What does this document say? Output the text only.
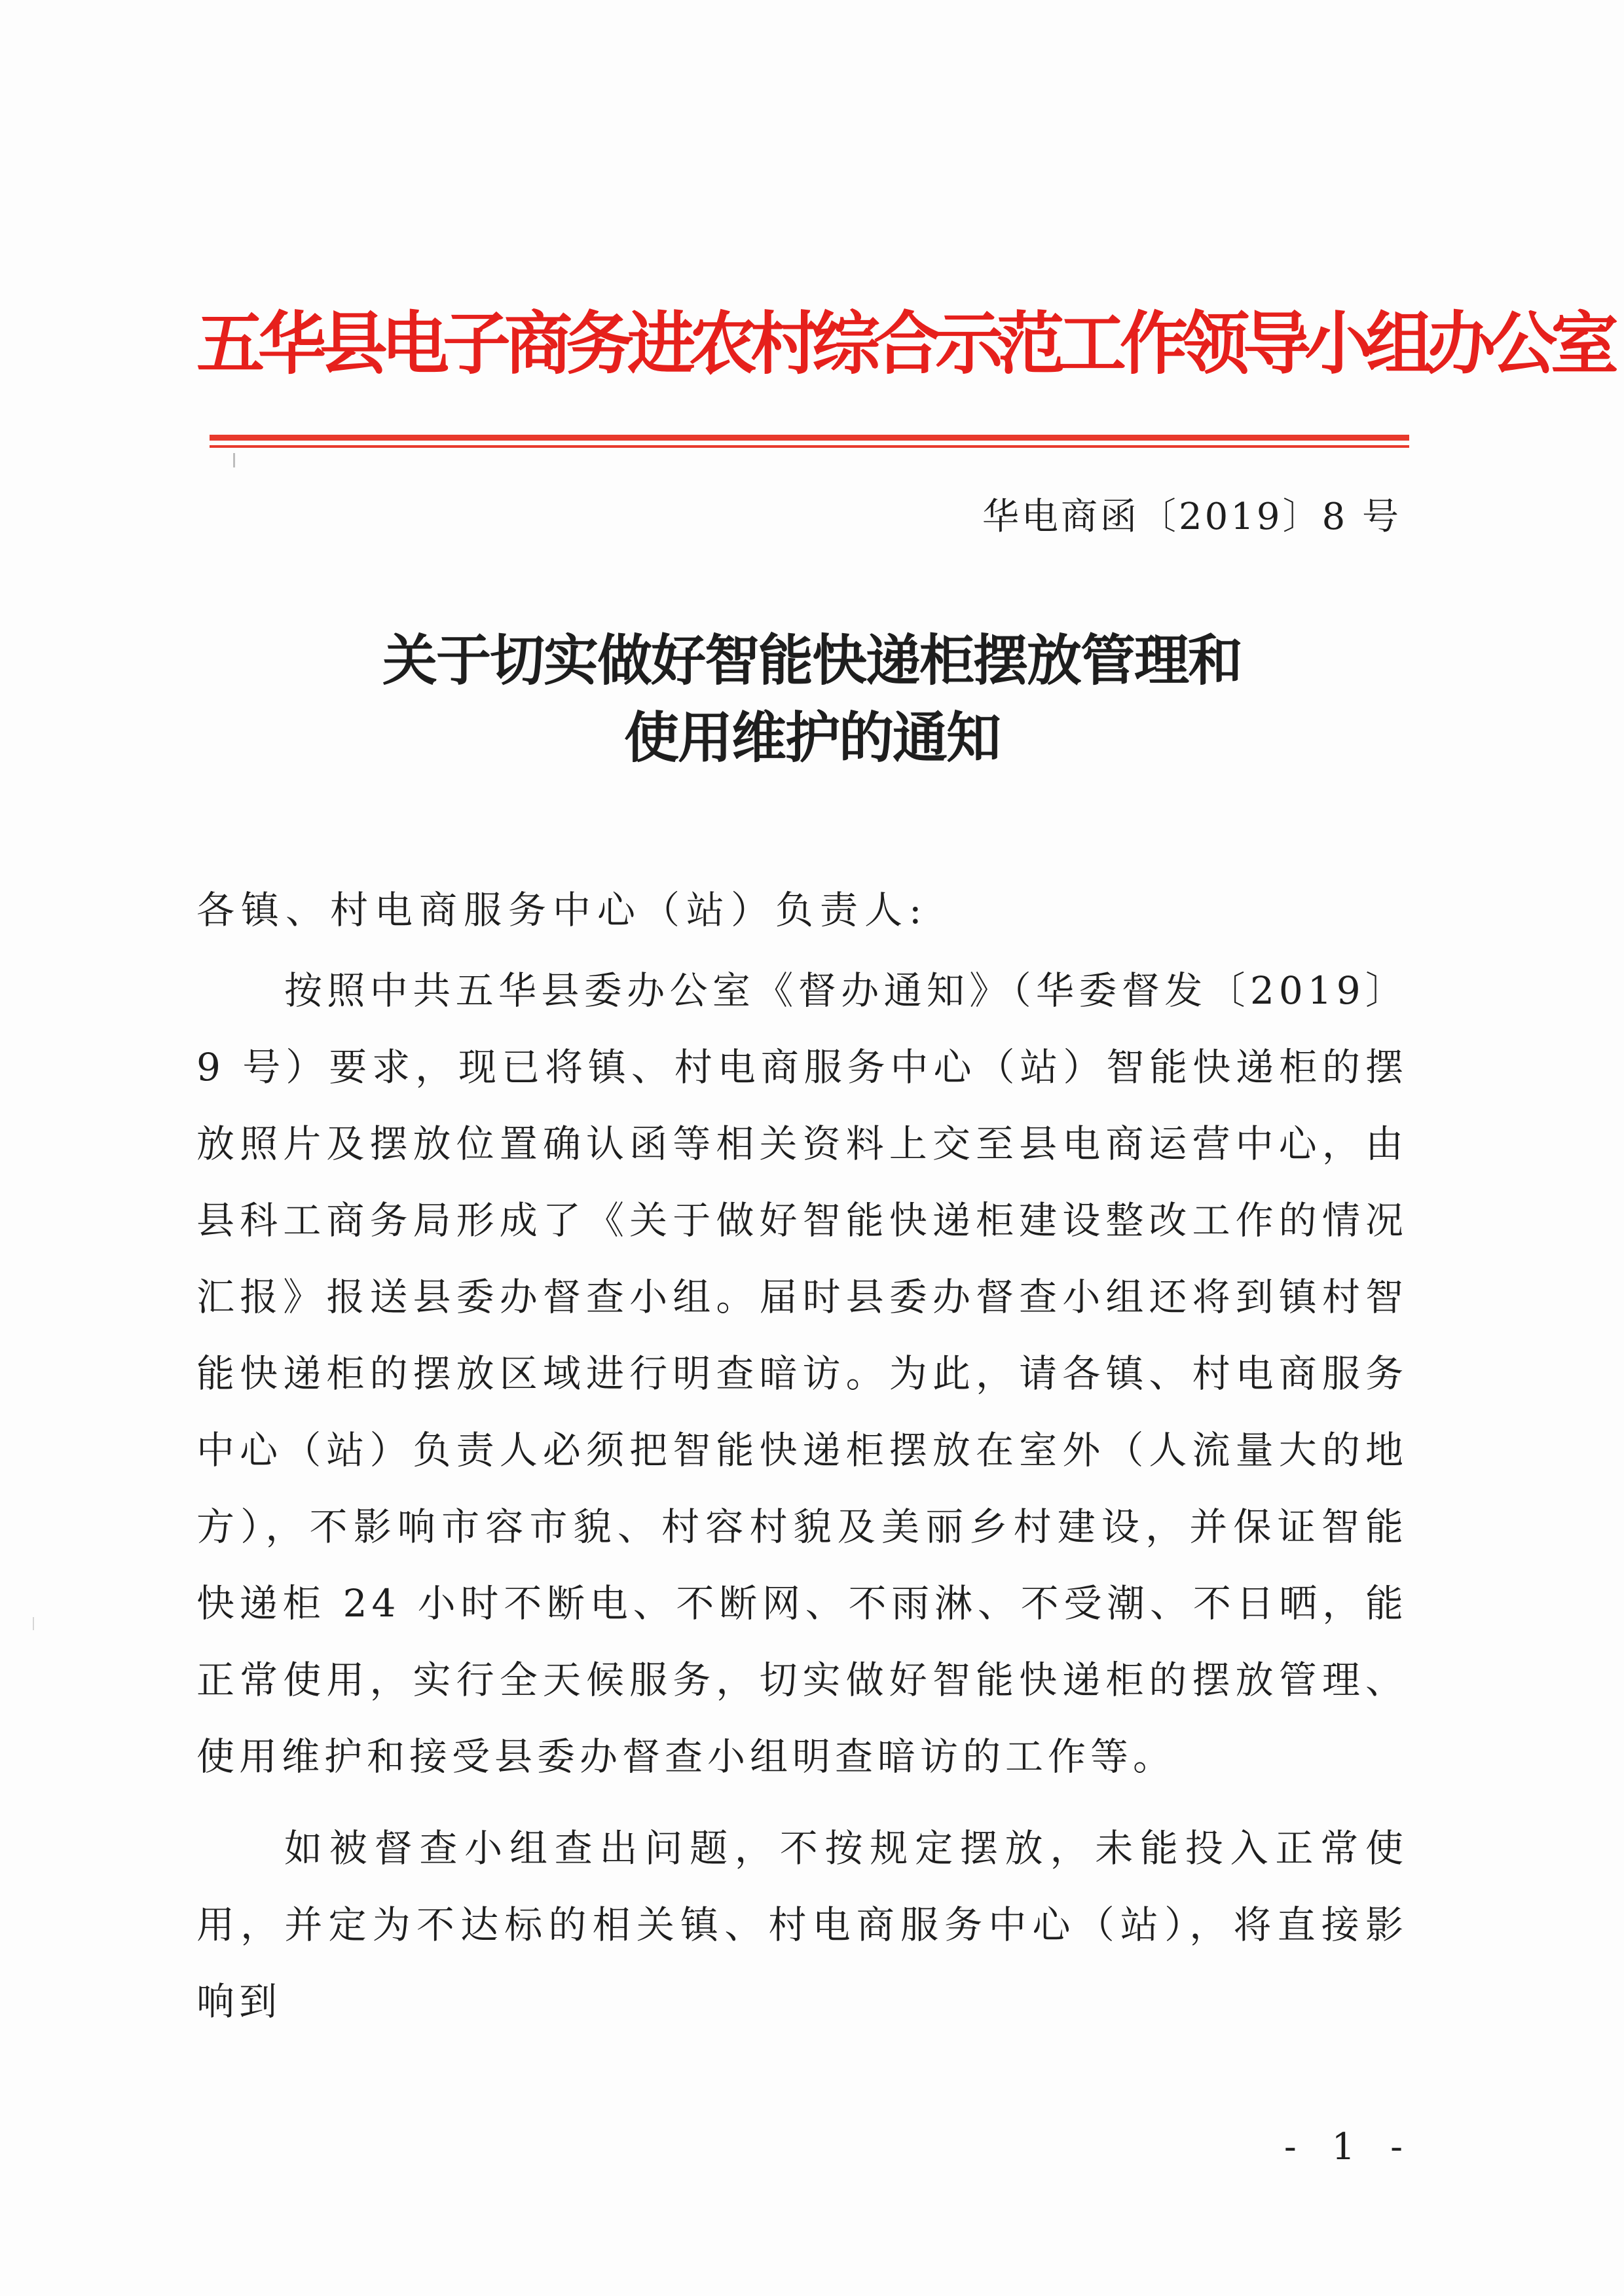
五华县电子商务进农村综合示范工作领导小组办公室
华电商函〔2019〕8 号
关于切实做好智能快递柜摆放管理和
使用维护的通知
各镇、村电商服务中心（站）负责人:
按照中共五华县委办公室《督办通知》（华委督发〔2019〕9 号）要求，现已将镇、村电商服务中心（站）智能快递柜的摆放照片及摆放位置确认函等相关资料上交至县电商运营中心，由县科工商务局形成了《关于做好智能快递柜建设整改工作的情况汇报》报送县委办督查小组。届时县委办督查小组还将到镇村智能快递柜的摆放区域进行明查暗访。为此，请各镇、村电商服务中心（站）负责人必须把智能快递柜摆放在室外（人流量大的地方），不影响市容市貌、村容村貌及美丽乡村建设，并保证智能快递柜 24 小时不断电、不断网、不雨淋、不受潮、不日晒，能正常使用，实行全天候服务，切实做好智能快递柜的摆放管理、使用维护和接受县委办督查小组明查暗访的工作等。
如被督查小组查出问题，不按规定摆放，未能投入正常使用，并定为不达标的相关镇、村电商服务中心（站），将直接影响到
- 1 -
